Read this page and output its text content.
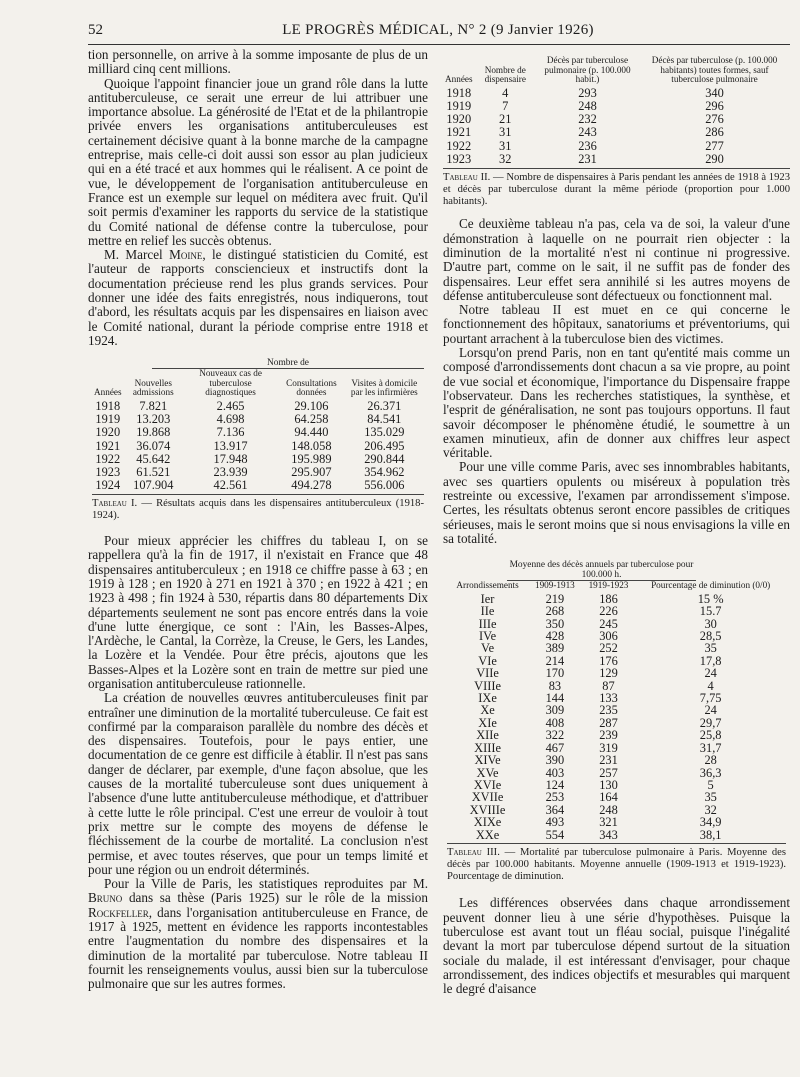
52	LE PROGRÈS MÉDICAL, N° 2 (9 Janvier 1926)

tion personnelle, on arrive à la somme imposante de plus de un milliard cinq cent millions.

Quoique l'appoint financier joue un grand rôle dans la lutte antituberculeuse, ce serait une erreur de lui attribuer une importance absolue. La générosité de l'Etat et de la philantropie privée envers les organisations antituberculeuses est certainement décisive quant à la bonne marche de la campagne entreprise, mais celle-ci doit aussi son essor au plan judicieux qui en a été tracé et aux hommes qui le réalisent. A ce point de vue, le développement de l'organisation antituberculeuse en France est un exemple sur lequel on méditera avec fruit. Qu'il soit permis d'examiner les rapports du service de la statistique du Comité national de défense contre la tuberculose, pour mettre en relief les succès obtenus.

M. Marcel Moine, le distingué statisticien du Comité, est l'auteur de rapports consciencieux et instructifs dont la documentation précieuse rend les plus grands services. Pour donner une idée des faits enregistrés, nous indiquerons, tout d'abord, les résultats acquis par les dispensaires en liaison avec le Comité national, durant la période comprise entre 1918 et 1924.

Nombre de
Années	Nouvelles admissions	Nouveaux cas de tuberculose diagnostiques	Consultations données	Visites à domicile par les infirmières
1918	7.821	2.465	29.106	26.371
1919	13.203	4.698	64.258	84.541
1920	19.868	7.136	94.440	135.029
1921	36.074	13.917	148.058	206.495
1922	45.642	17.948	195.989	290.844
1923	61.521	23.939	295.907	354.962
1924	107.904	42.561	494.278	556.006
Tableau I. — Résultats acquis dans les dispensaires antituberculeux (1918-1924).

Pour mieux apprécier les chiffres du tableau I, on se rappellera qu'à la fin de 1917, il n'existait en France que 48 dispensaires antituberculeux ; en 1918 ce chiffre passe à 63 ; en 1919 à 128 ; en 1920 à 271 en 1921 à 370 ; en 1922 à 421 ; en 1923 à 498 ; fin 1924 à 530, répartis dans 80 départements Dix départements seulement ne sont pas encore entrés dans la voie d'une lutte énergique, ce sont : l'Ain, les Basses-Alpes, l'Ardèche, le Cantal, la Corrèze, la Creuse, le Gers, les Landes, la Lozère et la Vendée. Pour être précis, ajoutons que les Basses-Alpes et la Lozère sont en train de mettre sur pied une organisation antituberculeuse rationnelle.

La création de nouvelles œuvres antituberculeuses finit par entraîner une diminution de la mortalité tuberculeuse. Ce fait est confirmé par la comparaison parallèle du nombre des décès et des dispensaires. Toutefois, pour le pays entier, une documentation de ce genre est difficile à établir. Il n'est pas sans danger de déclarer, par exemple, d'une façon absolue, que les causes de la mortalité tuberculeuse sont dues uniquement à l'absence d'une lutte antituberculeuse méthodique, et d'attribuer à cette lutte le rôle principal. C'est une erreur de vouloir à tout prix mettre sur le compte des moyens de défense le fléchissement de la courbe de mortalité. La conclusion n'est permise, et avec toutes réserves, que pour un temps limité et pour une région ou un endroit déterminés.

Pour la Ville de Paris, les statistiques reproduites par M. Bruno dans sa thèse (Paris 1925) sur le rôle de la mission Rockfeller, dans l'organisation antituberculeuse en France, de 1917 à 1925, mettent en évidence les rapports incontestables entre l'augmentation du nombre des dispensaires et la diminution de la mortalité par tuberculose. Notre tableau II fournit les renseignements voulus, aussi bien sur la tuberculose pulmonaire que sur les autres formes.

Années	Nombre de dispensaire	Décès par tuberculose pulmonaire (p. 100.000 habit.)	Décès par tuberculose (p. 100.000 habitants) toutes formes, sauf tuberculose pulmonaire
1918	4	293	340
1919	7	248	296
1920	21	232	276
1921	31	243	286
1922	31	236	277
1923	32	231	290
Tableau II. — Nombre de dispensaires à Paris pendant les années de 1918 à 1923 et décès par tuberculose durant la même période (proportion pour 1.000 habitants).

Ce deuxième tableau n'a pas, cela va de soi, la valeur d'une démonstration à laquelle on ne pourrait rien objecter : la diminution de la mortalité n'est ni continue ni progressive. D'autre part, comme on le sait, il ne suffit pas de fonder des dispensaires. Leur effet sera annihilé si les autres moyens de défense antituberculeuse sont défectueux ou fonctionnent mal.

Notre tableau II est muet en ce qui concerne le fonctionnement des hôpitaux, sanatoriums et préventoriums, qui pourtant arrachent à la tuberculose bien des victimes.

Lorsqu'on prend Paris, non en tant qu'entité mais comme un composé d'arrondissements dont chacun a sa vie propre, au point de vue social et économique, l'importance du Dispensaire frappe l'observateur. Dans les recherches statistiques, la synthèse, et l'esprit de généralisation, ne sont pas toujours opportuns. Il faut savoir décomposer le phénomène étudié, le soumettre à un examen minutieux, afin de donner aux chiffres leur aspect véritable.

Pour une ville comme Paris, avec ses innombrables habitants, avec ses quartiers opulents ou miséreux à population très restreinte ou excessive, l'examen par arrondissement s'impose. Certes, les résultats obtenus seront encore passibles de critiques sérieuses, mais le seront moins que si nous envisagions la ville en sa totalité.

Moyenne des décès annuels par tuberculose pour 100.000 h.
Arrondissements	1909-1913	1919-1923	Pourcentage de diminution (0/0)
Ier	219	186	15 %
IIe	268	226	15.7
IIIe	350	245	30
IVe	428	306	28,5
Ve	389	252	35
VIe	214	176	17,8
VIIe	170	129	24
VIIIe	83	87	4
IXe	144	133	7,75
Xe	309	235	24
XIe	408	287	29,7
XIIe	322	239	25,8
XIIIe	467	319	31,7
XIVe	390	231	28
XVe	403	257	36,3
XVIe	124	130	5
XVIIe	253	164	35
XVIIIe	364	248	32
XIXe	493	321	34,9
XXe	554	343	38,1
Tableau III. — Mortalité par tuberculose pulmonaire à Paris. Moyenne des décès par 100.000 habitants. Moyenne annuelle (1909-1913 et 1919-1923). Pourcentage de diminution.

Les différences observées dans chaque arrondissement peuvent donner lieu à une série d'hypothèses. Puisque la tuberculose est avant tout un fléau social, puisque l'inégalité devant la mort par tuberculose dépend surtout de la situation sociale du malade, il est intéressant d'envisager, pour chaque arrondissement, des indices objectifs et mesurables qui marquent le degré d'aisance
